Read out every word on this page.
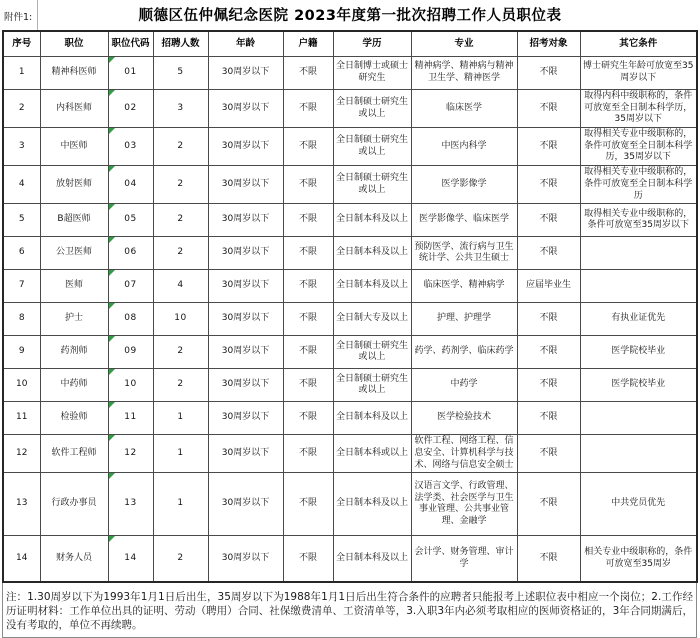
附件1:	顺德区伍仲佩纪念医院 2023年度第一批次招聘工作人员职位表
序号	职位	职位代码	招聘人数	年龄	户籍	学历	专业	招考对象	其它条件
1	精神科医师	01	5	30周岁以下	不限	全日制博士或硕士研究生	精神病学、精神病与精神卫生学、精神医学	不限	博士研究生年龄可放宽至35周岁以下
2	内科医师	02	3	30周岁以下	不限	全日制硕士研究生或以上	临床医学	不限	取得内科中级职称的，条件可放宽至全日制本科学历，35周岁以下
3	中医师	03	2	30周岁以下	不限	全日制硕士研究生或以上	中医内科学	不限	取得相关专业中级职称的，条件可放宽至全日制本科学历，35周岁以下
4	放射医师	04	2	30周岁以下	不限	全日制硕士研究生或以上	医学影像学	不限	取得相关专业中级职称的，条件可放宽至全日制本科学历
5	B超医师	05	2	30周岁以下	不限	全日制本科及以上	医学影像学、临床医学	不限	取得相关专业中级职称的，条件可放宽至35周岁以下
6	公卫医师	06	2	30周岁以下	不限	全日制本科及以上	预防医学、流行病与卫生统计学、公共卫生硕士	不限	
7	医师	07	4	30周岁以下	不限	全日制本科及以上	临床医学、精神病学	应届毕业生	
8	护士	08	10	30周岁以下	不限	全日制大专及以上	护理、护理学	不限	有执业证优先
9	药剂师	09	2	30周岁以下	不限	全日制硕士研究生或以上	药学、药剂学、临床药学	不限	医学院校毕业
10	中药师	10	2	30周岁以下	不限	全日制硕士研究生或以上	中药学	不限	医学院校毕业
11	检验师	11	1	30周岁以下	不限	全日制本科及以上	医学检验技术	不限	
12	软件工程师	12	1	30周岁以下	不限	全日制本科或以上	软件工程、网络工程、信息安全、计算机科学与技术、网络与信息安全硕士	不限	
13	行政办事员	13	1	30周岁以下	不限	全日制本科及以上	汉语言文学、行政管理、法学类、社会医学与卫生事业管理、公共事业管理、金融学	不限	中共党员优先
14	财务人员	14	2	30周岁以下	不限	全日制本科及以上	会计学、财务管理、审计学	不限	相关专业中级职称的，条件可放宽至35周岁
注：1.30周岁以下为1993年1月1日后出生，35周岁以下为1988年1月1日后出生符合条件的应聘者只能报考上述职位表中相应一个岗位；2.工作经历证明材料：工作单位出具的证明、劳动（聘用）合同、社保缴费清单、工资清单等，3.入职3年内必须考取相应的医师资格证的，3年合同期满后，没有考取的，单位不再续聘。
